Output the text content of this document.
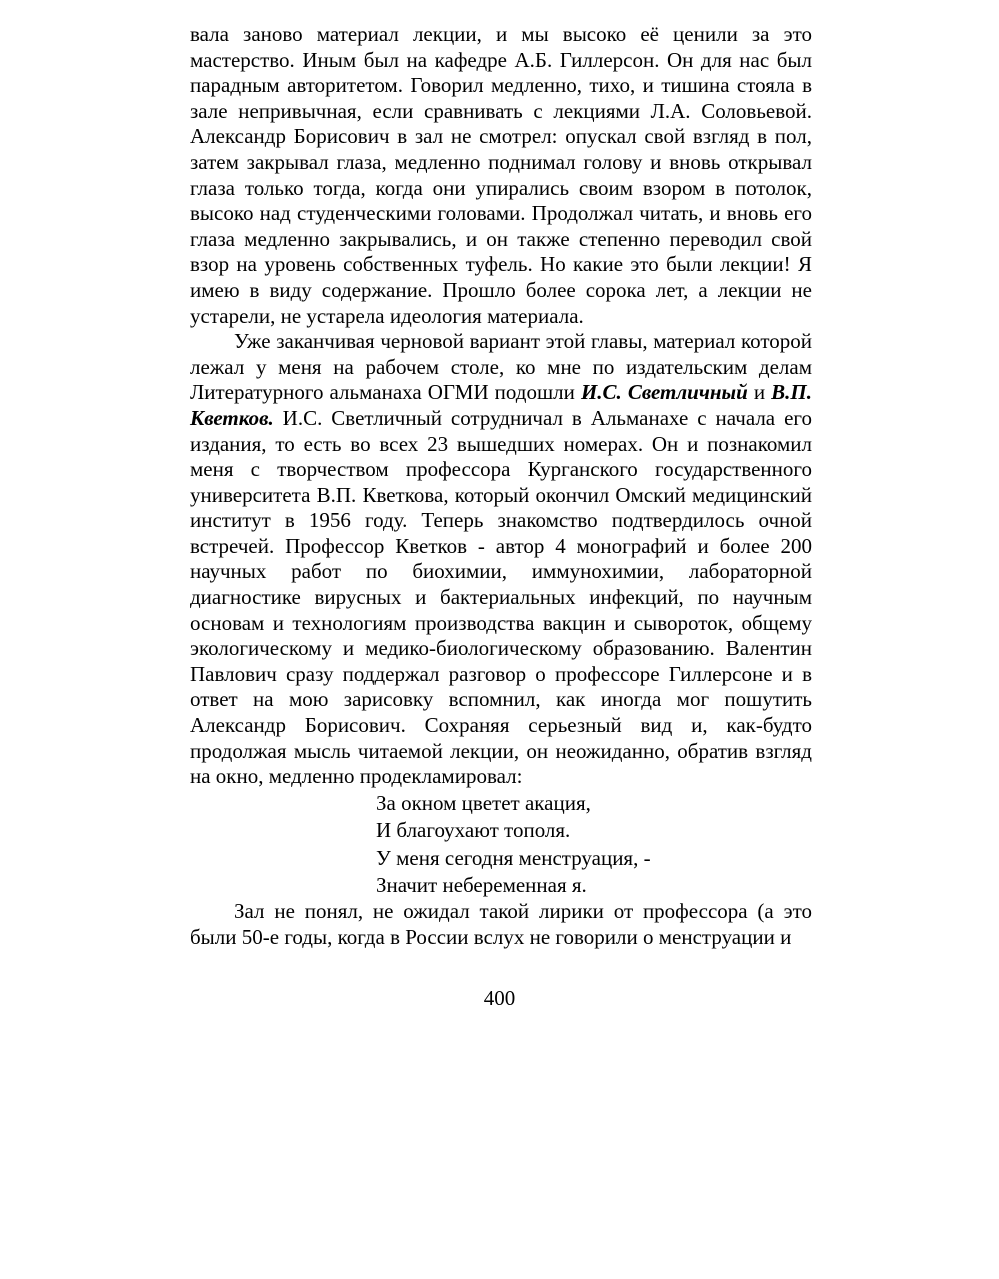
вала заново материал лекции, и мы высоко её ценили за это мастерство. Иным был на кафедре А.Б. Гиллерсон. Он для нас был парадным авторитетом. Говорил медленно, тихо, и тишина стояла в зале непривычная, если сравнивать с лекциями Л.А. Соловьевой. Александр Борисович в зал не смотрел: опускал свой взгляд в пол, затем закрывал глаза, медленно поднимал голову и вновь открывал глаза только тогда, когда они упирались своим взором в потолок, высоко над студенческими головами. Продолжал читать, и вновь его глаза медленно закрывались, и он также степенно переводил свой взор на уровень собственных туфель. Но какие это были лекции! Я имею в виду содержание. Прошло более сорока лет, а лекции не устарели, не устарела идеология материала.

Уже заканчивая черновой вариант этой главы, материал которой лежал у меня на рабочем столе, ко мне по издательским делам Литературного альманаха ОГМИ подошли И.С. Светличный и В.П. Кветков. И.С. Светличный сотрудничал в Альманахе с начала его издания, то есть во всех 23 вышедших номерах. Он и познакомил меня с творчеством профессора Курганского государственного университета В.П. Кветкова, который окончил Омский медицинский институт в 1956 году. Теперь знакомство подтвердилось очной встречей. Профессор Кветков - автор 4 монографий и более 200 научных работ по биохимии, иммунохимии, лабораторной диагностике вирусных и бактериальных инфекций, по научным основам и технологиям производства вакцин и сывороток, общему экологическому и медико-биологическому образованию. Валентин Павлович сразу поддержал разговор о профессоре Гиллерсоне и в ответ на мою зарисовку вспомнил, как иногда мог пошутить Александр Борисович. Сохраняя серьезный вид и, как-будто продолжая мысль читаемой лекции, он неожиданно, обратив взгляд на окно, медленно продекламировал:

За окном цветет акация,
И благоухают тополя.
У меня сегодня менструация, -
Значит небеременная я.

Зал не понял, не ожидал такой лирики от профессора (а это были 50-е годы, когда в России вслух не говорили о менструации и

400
